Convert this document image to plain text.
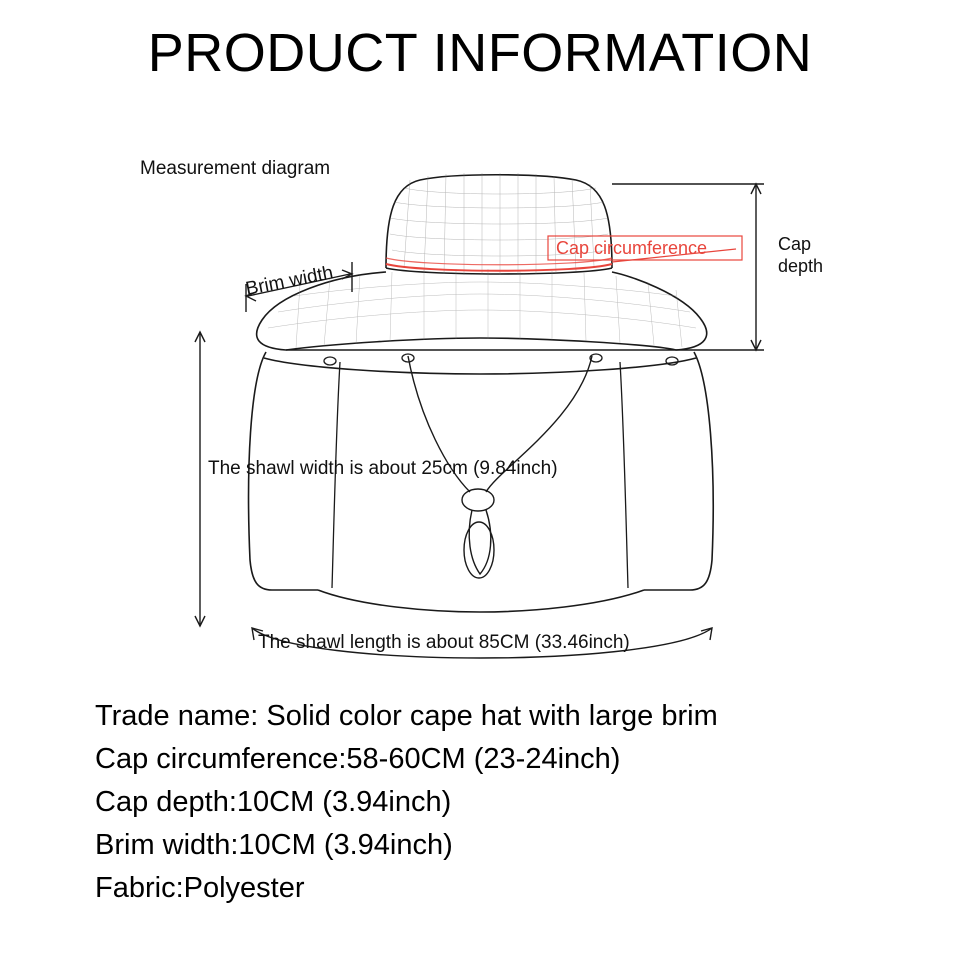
PRODUCT INFORMATION
Measurement diagram
Cap circumference	Cap
depth
Brim width
The shawl width is about 25cm (9.84inch)
The shawl length is about 85CM (33.46inch)
Trade name: Solid color cape hat with large brim
Cap circumference:58-60CM (23-24inch)
Cap depth:10CM (3.94inch)
Brim width:10CM (3.94inch)
Fabric:Polyester
